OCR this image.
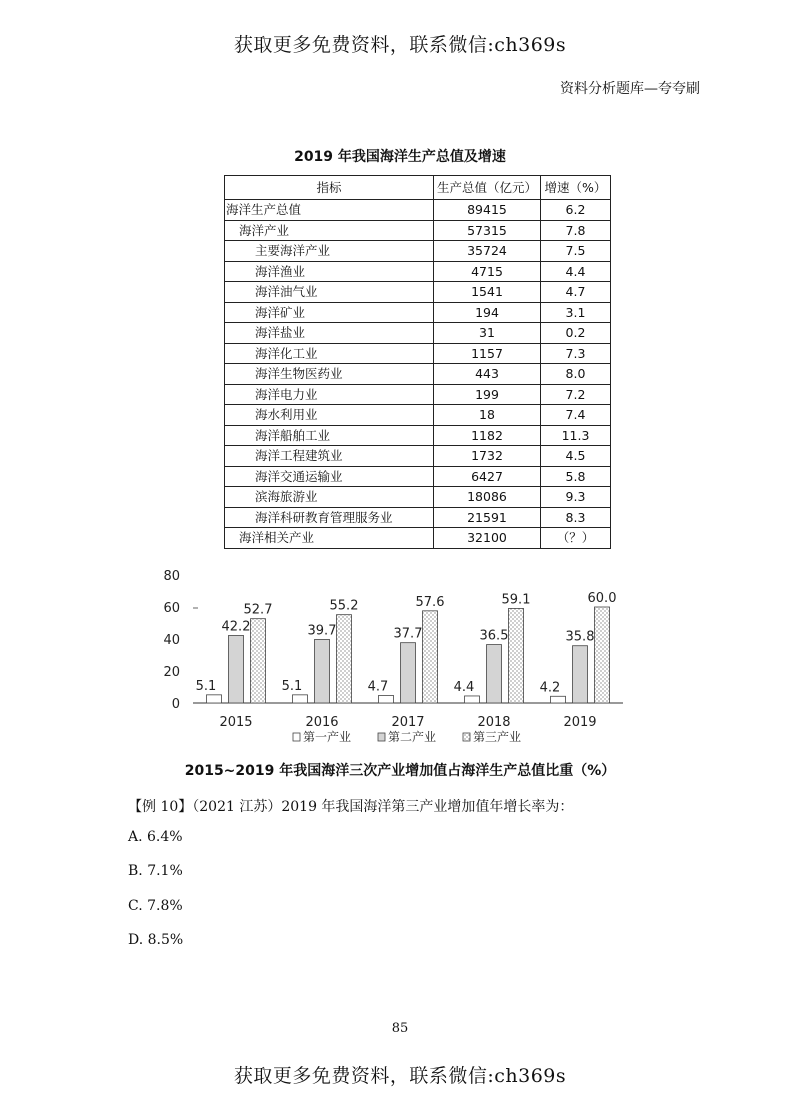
获取更多免费资料，联系微信:ch369s
资料分析题库—夸夸刷
2019 年我国海洋生产总值及增速
指标	生产总值（亿元）	增速（%）
海洋生产总值	89415	6.2
海洋产业	57315	7.8
主要海洋产业	35724	7.5
海洋渔业	4715	4.4
海洋油气业	1541	4.7
海洋矿业	194	3.1
海洋盐业	31	0.2
海洋化工业	1157	7.3
海洋生物医药业	443	8.0
海洋电力业	199	7.2
海水利用业	18	7.4
海洋船舶工业	1182	11.3
海洋工程建筑业	1732	4.5
海洋交通运输业	6427	5.8
滨海旅游业	18086	9.3
海洋科研教育管理服务业	21591	8.3
海洋相关产业	32100	（？）
0
20
40
60
80
2015
5.1
42.2
52.7
2016
5.1
39.7
55.2
2017
4.7
37.7
57.6
2018
4.4
36.5
59.1
2019
4.2
35.8
60.0
第一产业	第二产业	第三产业
2015~2019 年我国海洋三次产业增加值占海洋生产总值比重（%）
【例 10】（2021 江苏）2019 年我国海洋第三产业增加值年增长率为：
A. 6.4%
B. 7.1%
C. 7.8%
D. 8.5%
85
获取更多免费资料，联系微信:ch369s
